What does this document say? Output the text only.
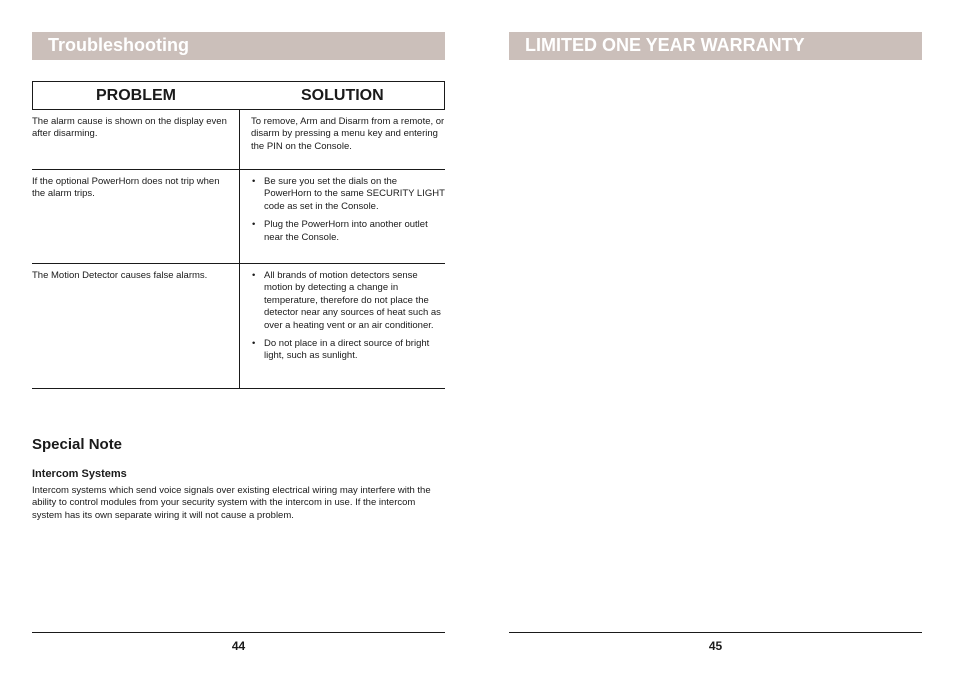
Troubleshooting
PROBLEM	SOLUTION
The alarm cause is shown on the display even after disarming.
To remove, Arm and Disarm from a remote, or disarm by pressing a menu key and entering the PIN on the Console.
If the optional PowerHorn does not trip when the alarm trips.
• Be sure you set the dials on the PowerHorn to the same SECURITY LIGHT code as set in the Console.
• Plug the PowerHorn into another outlet near the Console.
The Motion Detector causes false alarms.
•	All brands of motion detectors sense motion by detecting a change in temperature, therefore do not place the detector near any sources of heat such as over a heating vent or an air conditioner.
• Do not place in a direct source of bright light, such as sunlight.
Special Note
Intercom Systems
Intercom systems which send voice signals over existing electrical wiring may interfere with the ability to control modules from your security system with the intercom in use. If the intercom system has its own separate wiring it will not cause a problem.
44
LIMITED ONE YEAR WARRANTY
45
